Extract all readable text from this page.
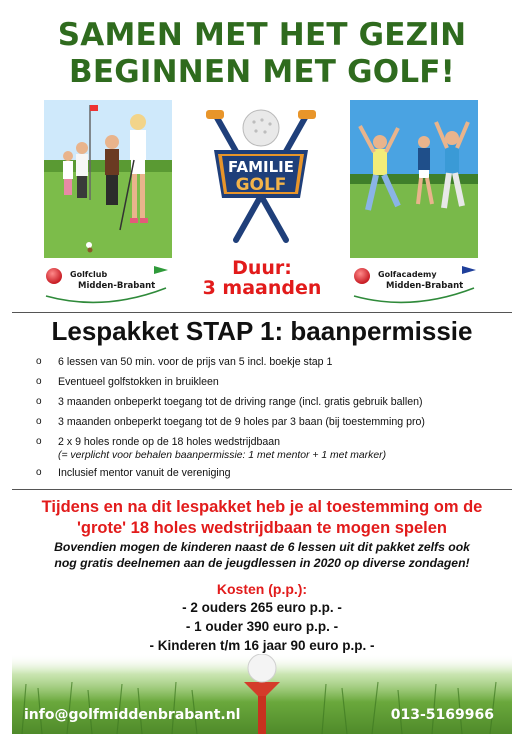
SAMEN MET HET GEZIN
BEGINNEN MET GOLF!
FAMILIE
GOLF
Duur:
3 maanden
Golfclub
Midden-Brabant
Golfacademy
Midden-Brabant
Lespakket STAP 1: baanpermissie
o 6 lessen van 50 min. voor de prijs van 5 incl. boekje stap 1
o Eventueel golfstokken in bruikleen
o 3 maanden onbeperkt toegang tot de driving range (incl. gratis gebruik ballen)
o 3 maanden onbeperkt toegang tot de 9 holes par 3 baan (bij toestemming pro)
o 2 x 9 holes ronde op de 18 holes wedstrijdbaan
(= verplicht voor behalen baanpermissie: 1 met mentor + 1 met marker)
o Inclusief mentor vanuit de vereniging
Tijdens en na dit lespakket heb je al toestemming om de
'grote' 18 holes wedstrijdbaan te mogen spelen
Bovendien mogen de kinderen naast de 6 lessen uit dit pakket zelfs ook
nog gratis deelnemen aan de jeugdlessen in 2020 op diverse zondagen!
Kosten (p.p.):
- 2 ouders 265 euro p.p. -
- 1 ouder 390 euro p.p. -
- Kinderen t/m 16 jaar 90 euro p.p. -
info@golfmiddenbrabant.nl	013-5169966
